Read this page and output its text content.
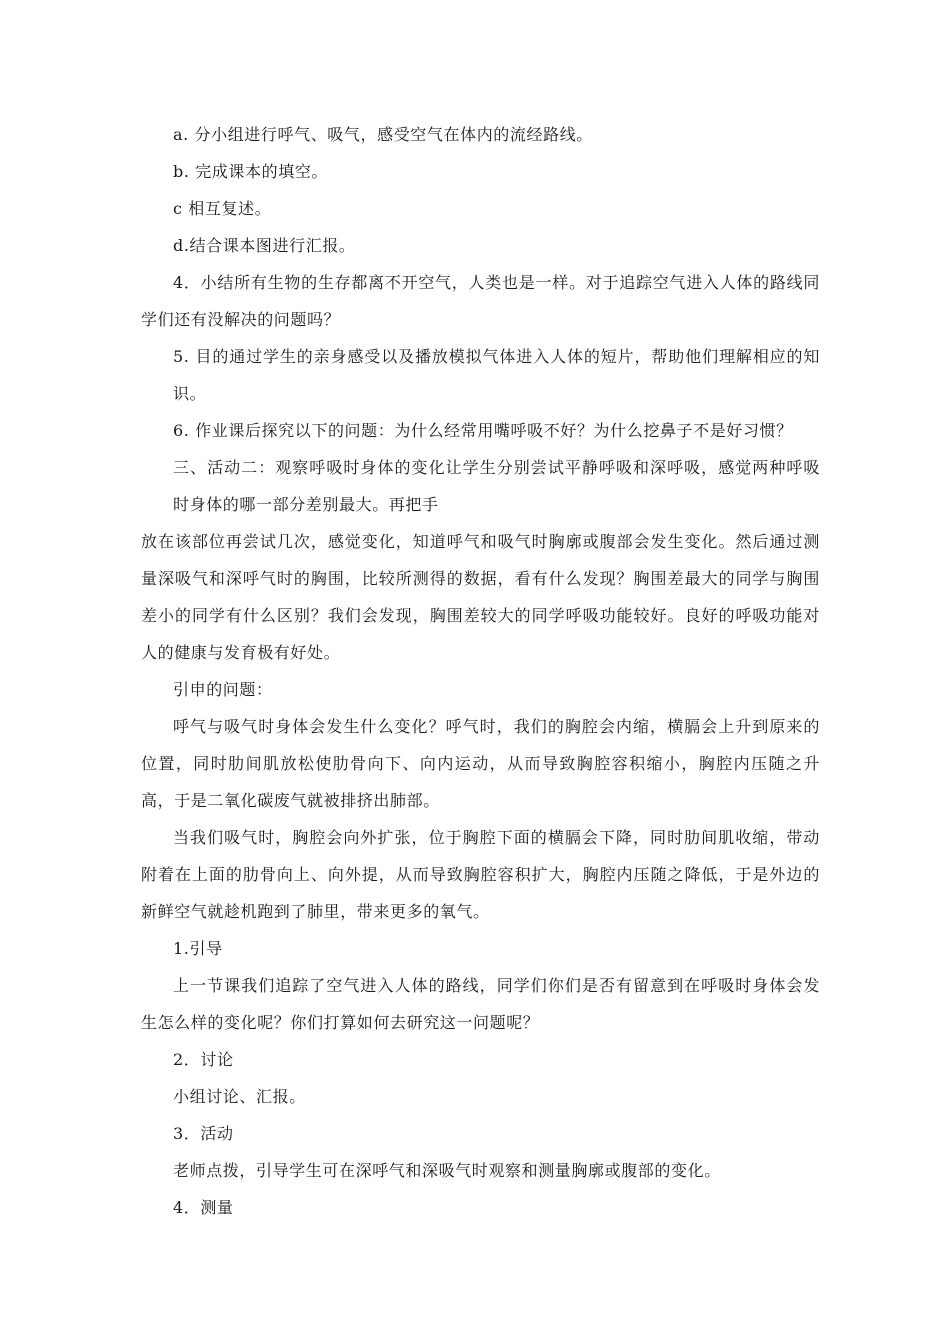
a. 分小组进行呼气、吸气，感受空气在体内的流经路线。

b. 完成课本的填空。

c 相互复述。

d.结合课本图进行汇报。

4．小结所有生物的生存都离不开空气，人类也是一样。对于追踪空气进入人体的路线同学们还有没解决的问题吗？

5. 目的通过学生的亲身感受以及播放模拟气体进入人体的短片，帮助他们理解相应的知识。

6. 作业课后探究以下的问题：为什么经常用嘴呼吸不好？为什么挖鼻子不是好习惯？

三、活动二：观察呼吸时身体的变化让学生分别尝试平静呼吸和深呼吸，感觉两种呼吸时身体的哪一部分差别最大。再把手

放在该部位再尝试几次，感觉变化，知道呼气和吸气时胸廓或腹部会发生变化。然后通过测量深吸气和深呼气时的胸围，比较所测得的数据，看有什么发现？胸围差最大的同学与胸围差小的同学有什么区别？我们会发现，胸围差较大的同学呼吸功能较好。良好的呼吸功能对人的健康与发育极有好处。

引申的问题：

呼气与吸气时身体会发生什么变化？呼气时，我们的胸腔会内缩，横膈会上升到原来的位置，同时肋间肌放松使肋骨向下、向内运动，从而导致胸腔容积缩小，胸腔内压随之升高，于是二氧化碳废气就被排挤出肺部。

当我们吸气时，胸腔会向外扩张，位于胸腔下面的横膈会下降，同时肋间肌收缩，带动附着在上面的肋骨向上、向外提，从而导致胸腔容积扩大，胸腔内压随之降低，于是外边的新鲜空气就趁机跑到了肺里，带来更多的氧气。

1.引导

上一节课我们追踪了空气进入人体的路线，同学们你们是否有留意到在呼吸时身体会发生怎么样的变化呢？你们打算如何去研究这一问题呢？

2．讨论

小组讨论、汇报。

3．活动

老师点拨，引导学生可在深呼气和深吸气时观察和测量胸廓或腹部的变化。

4．测量
